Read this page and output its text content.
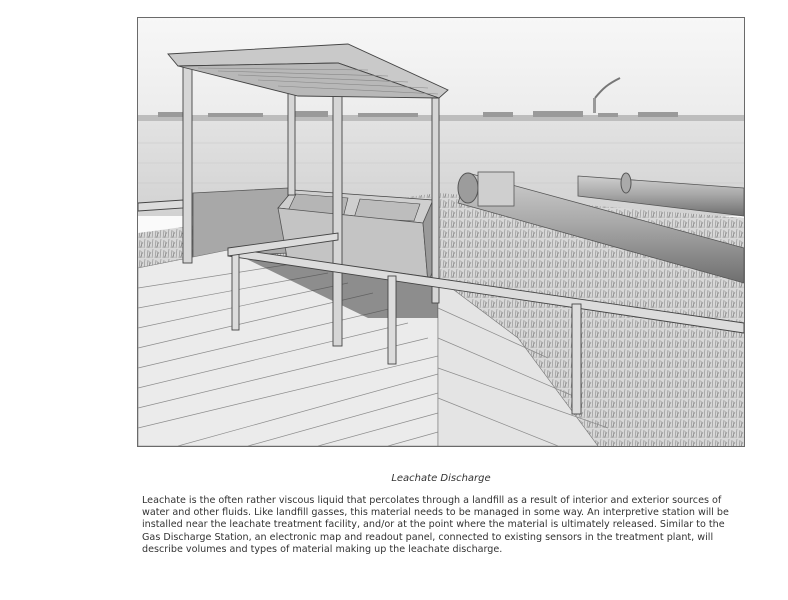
Leachate Discharge

Leachate is the often rather viscous liquid that percolates through a landfill as a result of interior and exterior sources of water and other fluids. Like landfill gasses, this material needs to be managed in some way. An interpretive station will be installed near the leachate treatment facility, and/or at the point where the material is ultimately released. Similar to the Gas Discharge Station, an electronic map and readout panel, connected to existing sensors in the treatment plant, will describe volumes and types of material making up the leachate discharge.
